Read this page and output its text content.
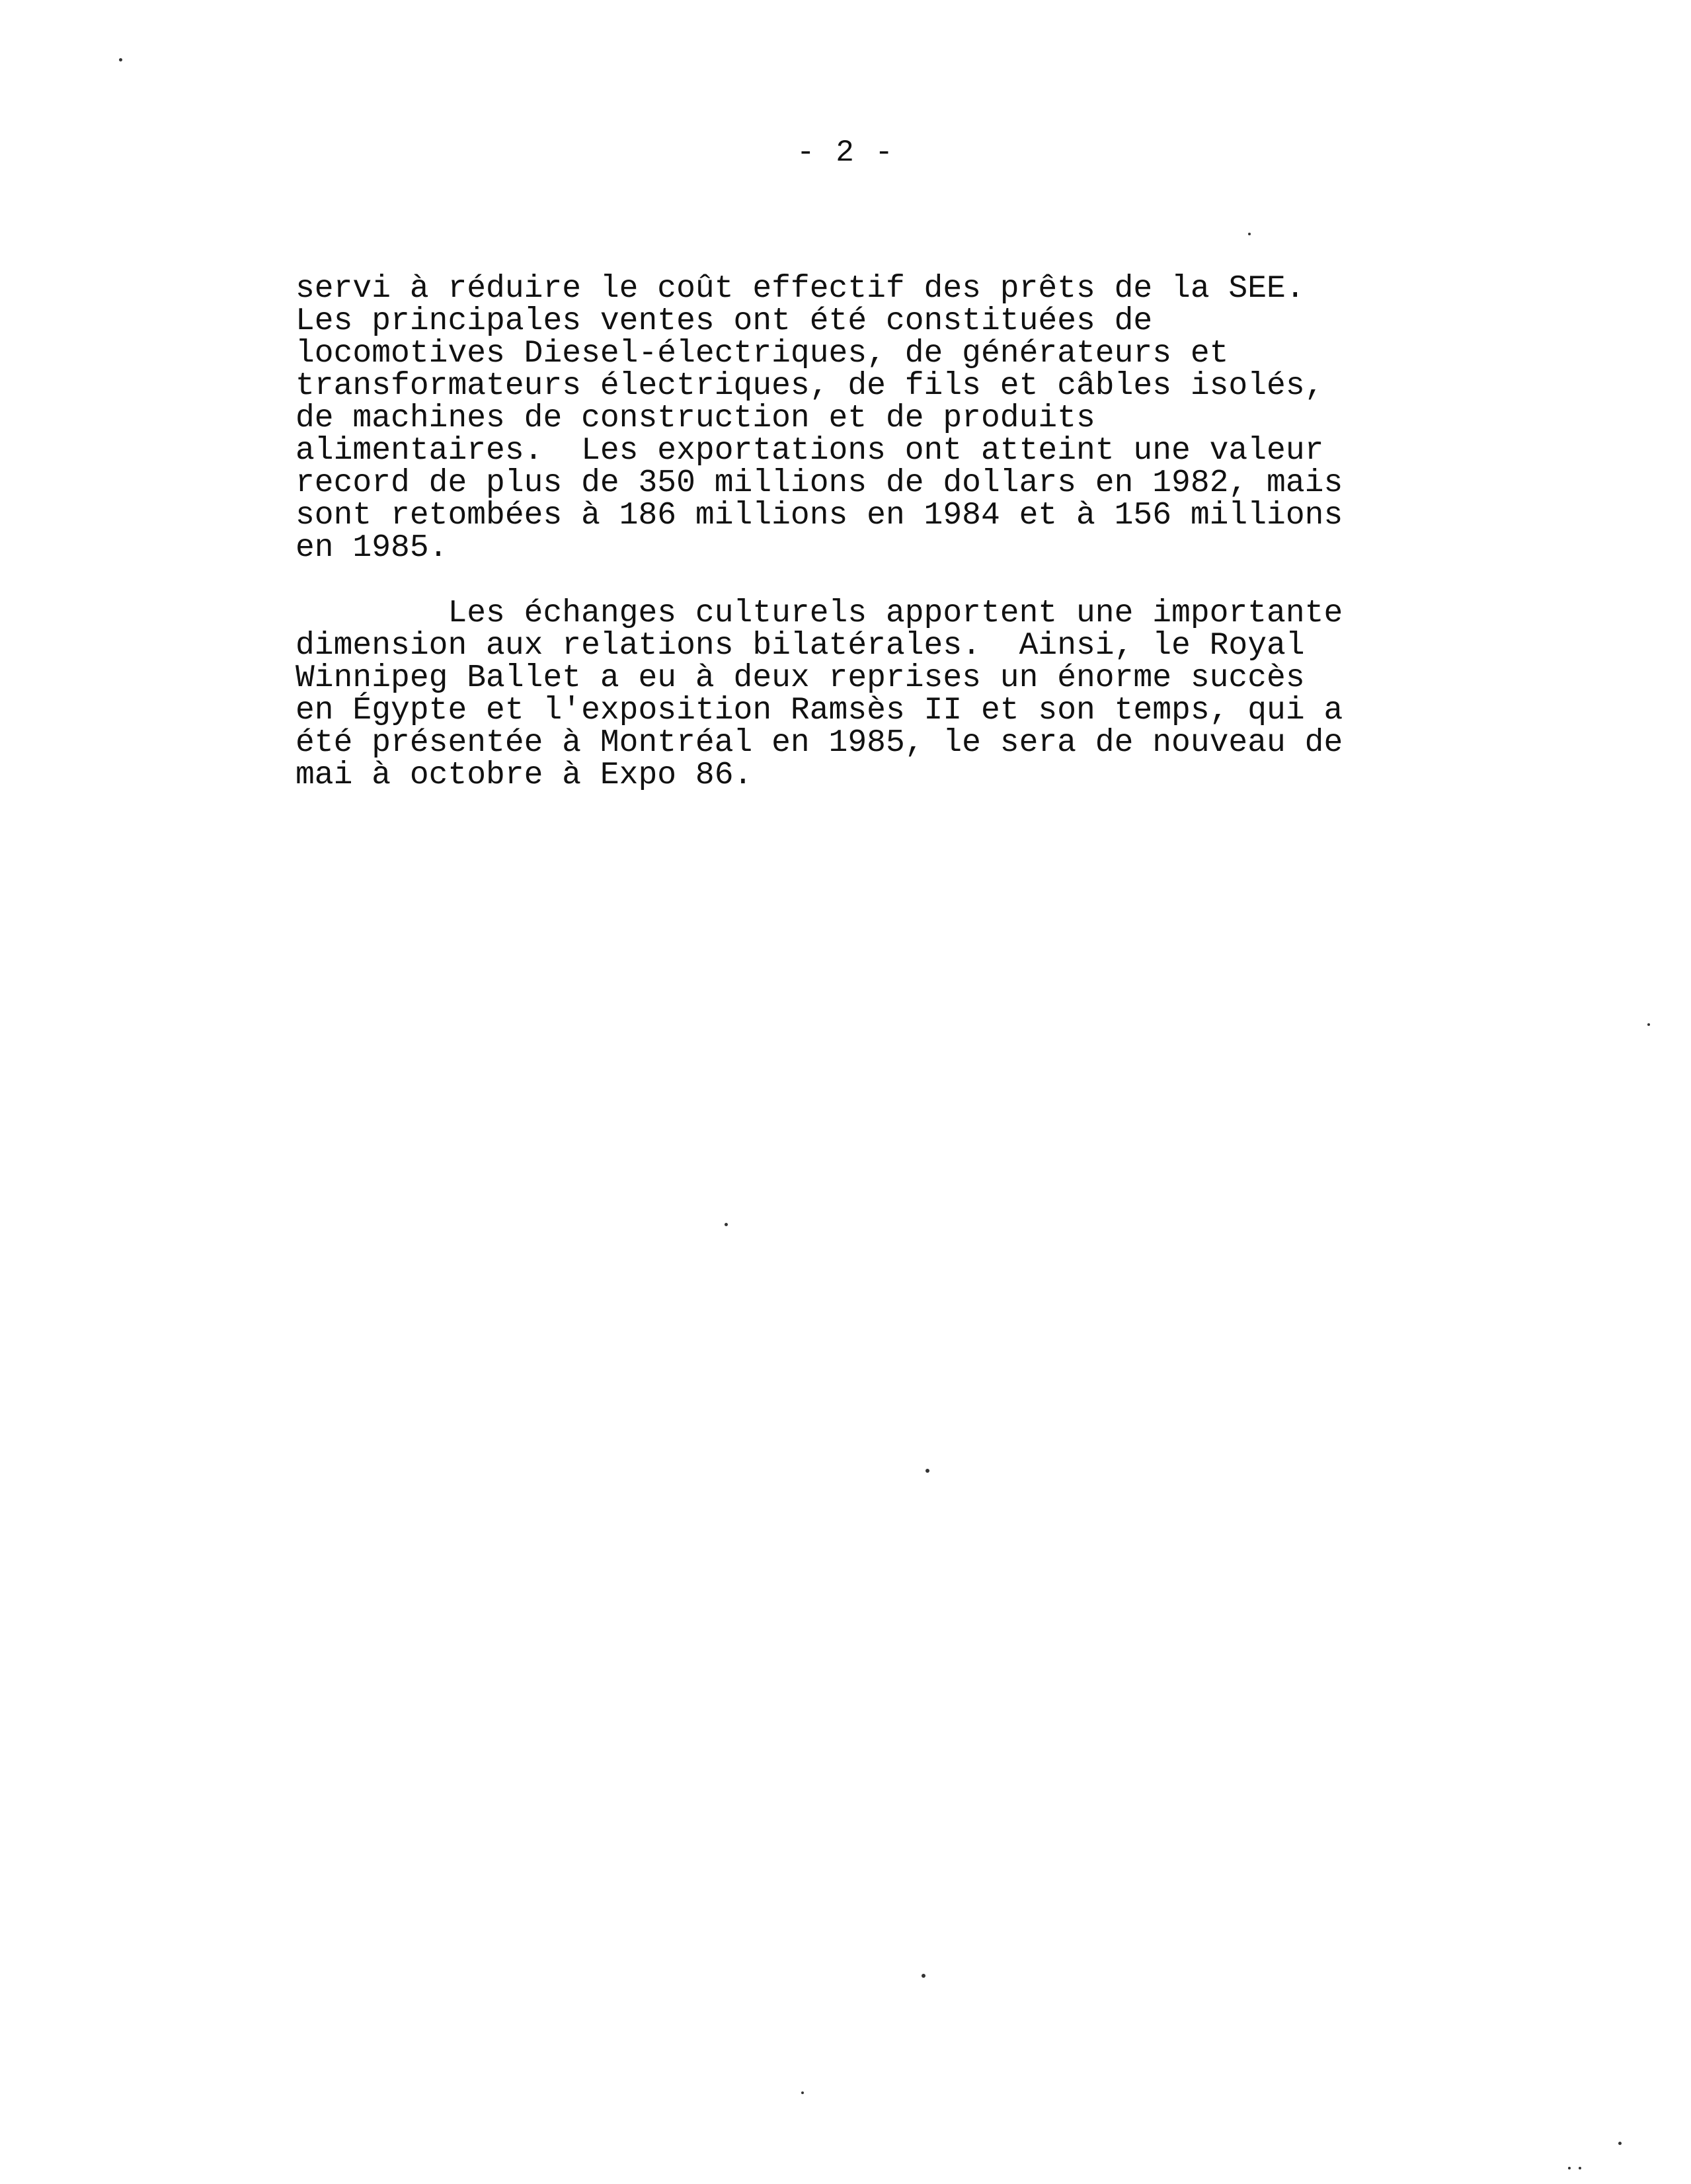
- 2 -

servi à réduire le coût effectif des prêts de la SEE.
Les principales ventes ont été constituées de
locomotives Diesel-électriques, de générateurs et
transformateurs électriques, de fils et câbles isolés,
de machines de construction et de produits
alimentaires.  Les exportations ont atteint une valeur
record de plus de 350 millions de dollars en 1982, mais
sont retombées à 186 millions en 1984 et à 156 millions
en 1985.

Les échanges culturels apportent une importante
dimension aux relations bilatérales.  Ainsi, le Royal
Winnipeg Ballet a eu à deux reprises un énorme succès
en Égypte et l'exposition Ramsès II et son temps, qui a
été présentée à Montréal en 1985, le sera de nouveau de
mai à octobre à Expo 86.
